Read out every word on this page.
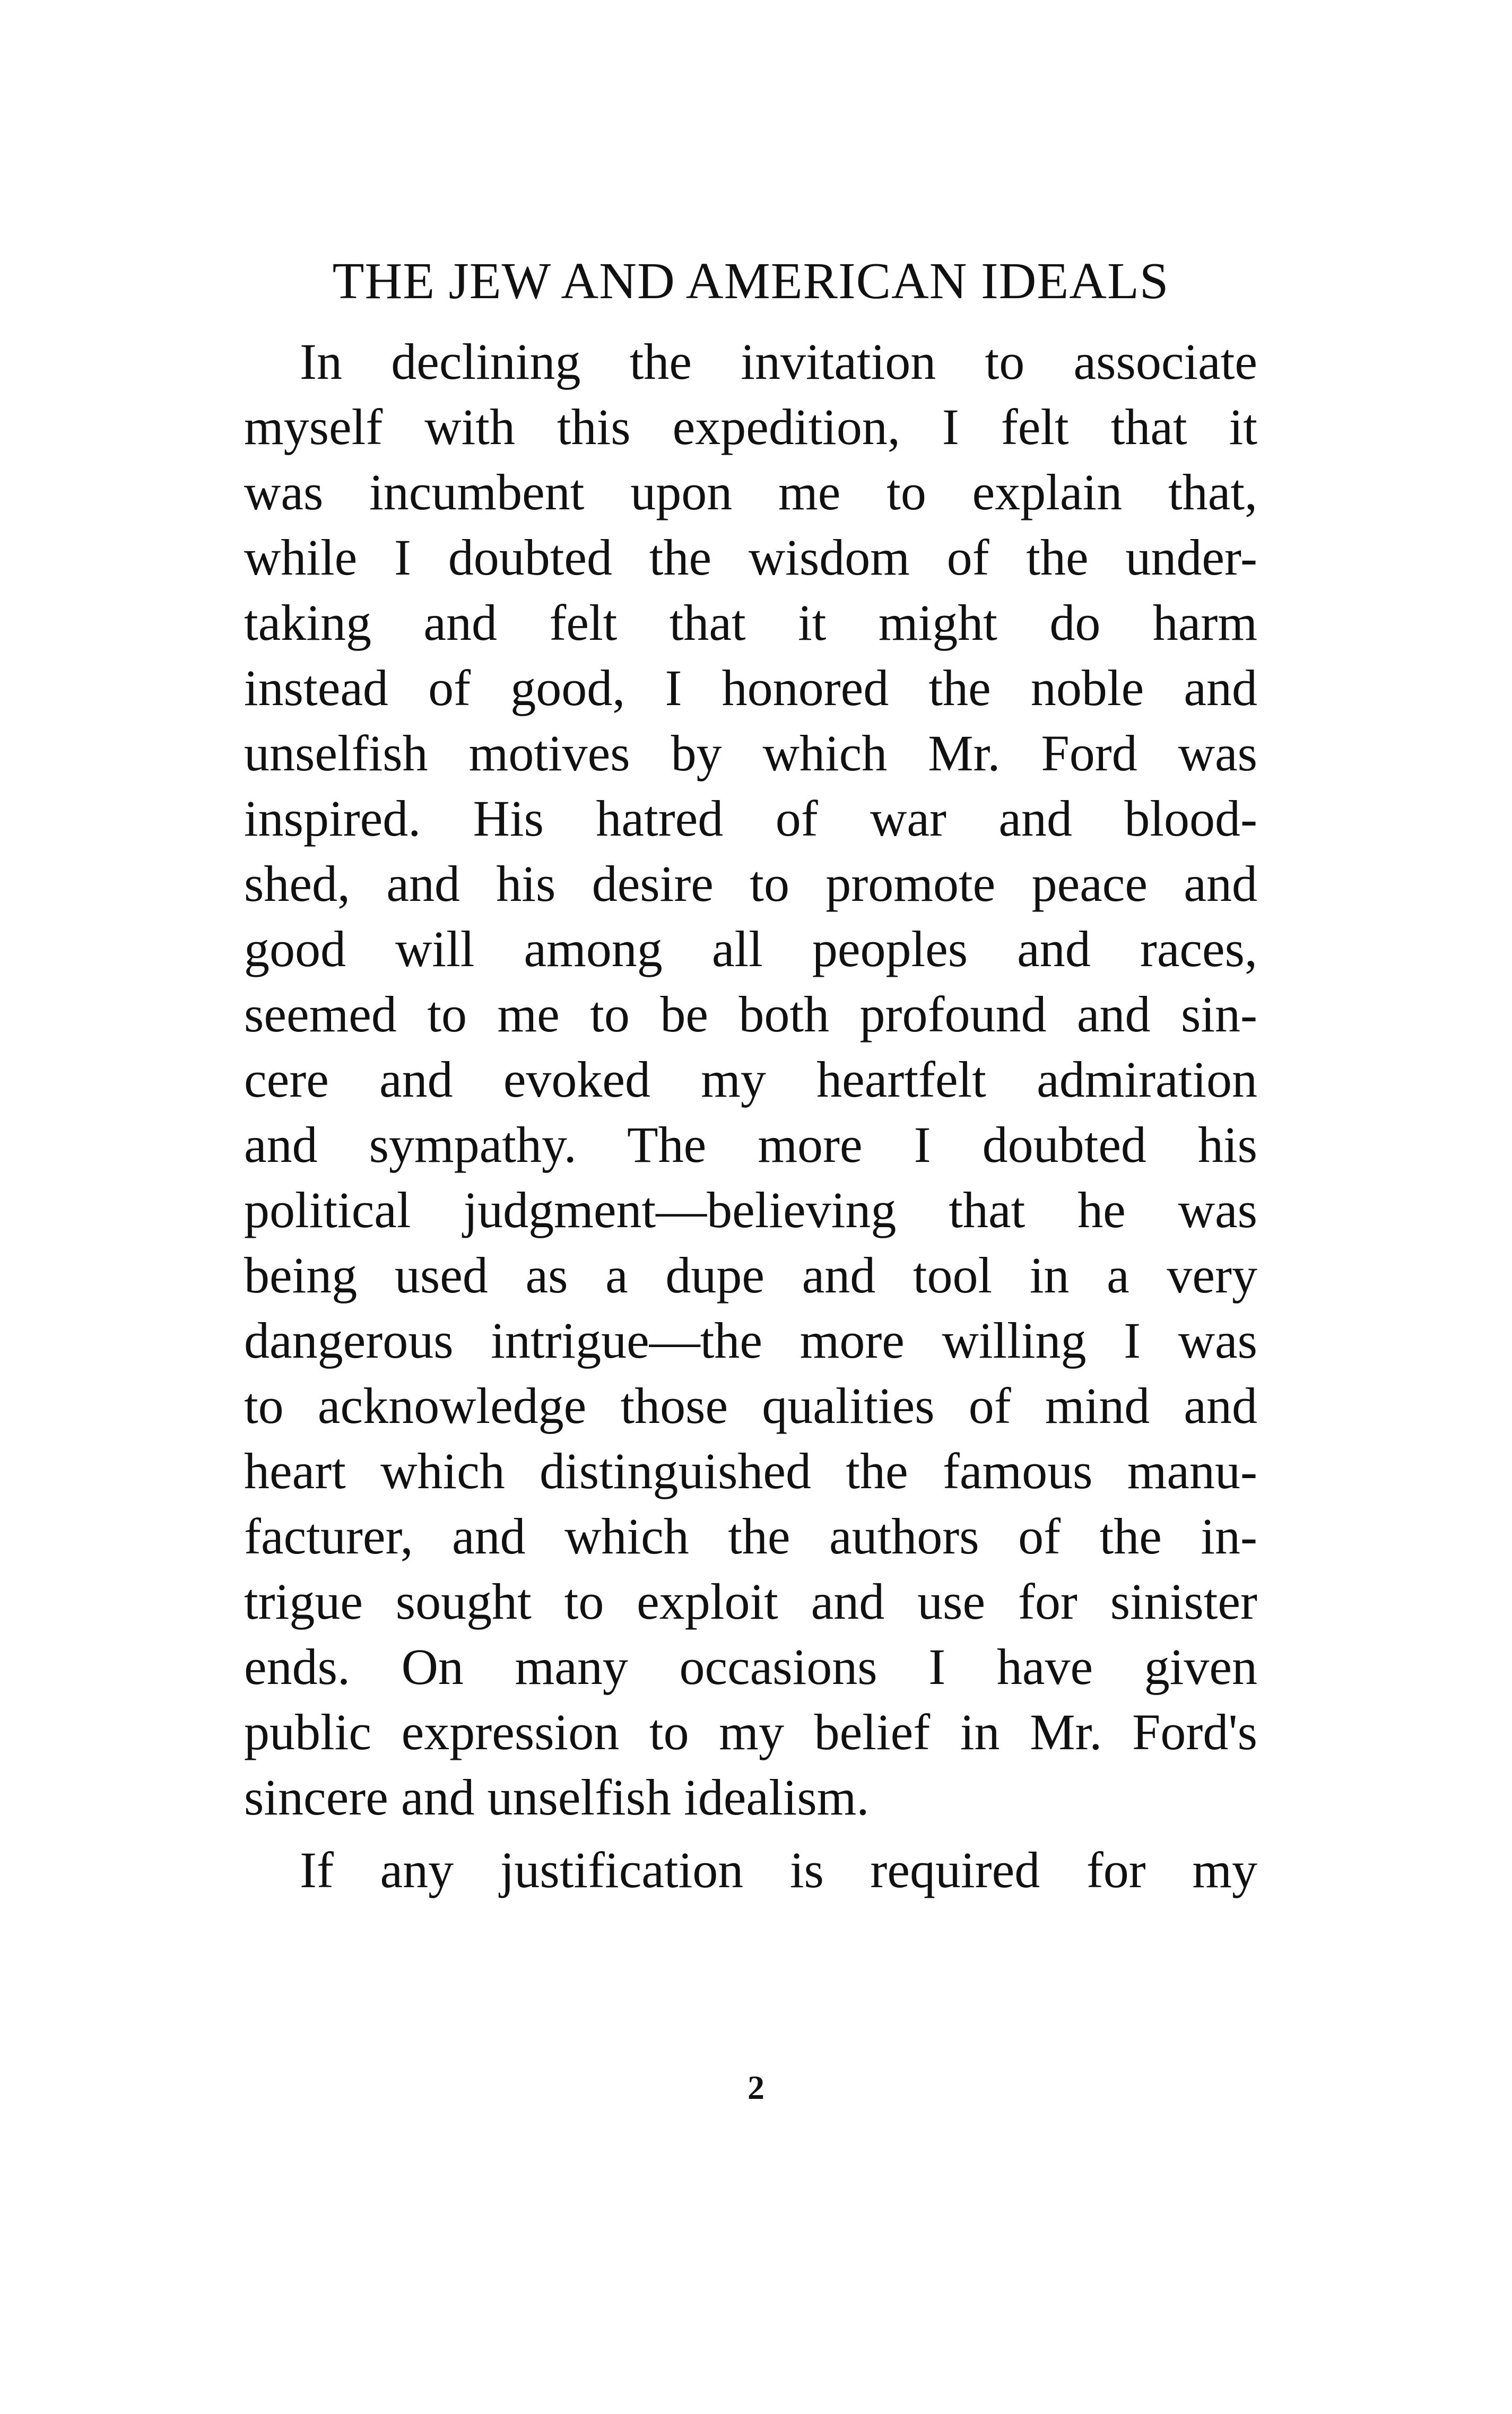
THE JEW AND AMERICAN IDEALS
In declining the invitation to associate
myself with this expedition, I felt that it
was incumbent upon me to explain that,
while I doubted the wisdom of the under-
taking and felt that it might do harm
instead of good, I honored the noble and
unselfish motives by which Mr. Ford was
inspired. His hatred of war and blood-
shed, and his desire to promote peace and
good will among all peoples and races,
seemed to me to be both profound and sin-
cere and evoked my heartfelt admiration
and sympathy. The more I doubted his
political judgment—believing that he was
being used as a dupe and tool in a very
dangerous intrigue—the more willing I was
to acknowledge those qualities of mind and
heart which distinguished the famous manu-
facturer, and which the authors of the in-
trigue sought to exploit and use for sinister
ends. On many occasions I have given
public expression to my belief in Mr. Ford's
sincere and unselfish idealism.
If any justification is required for my
2
